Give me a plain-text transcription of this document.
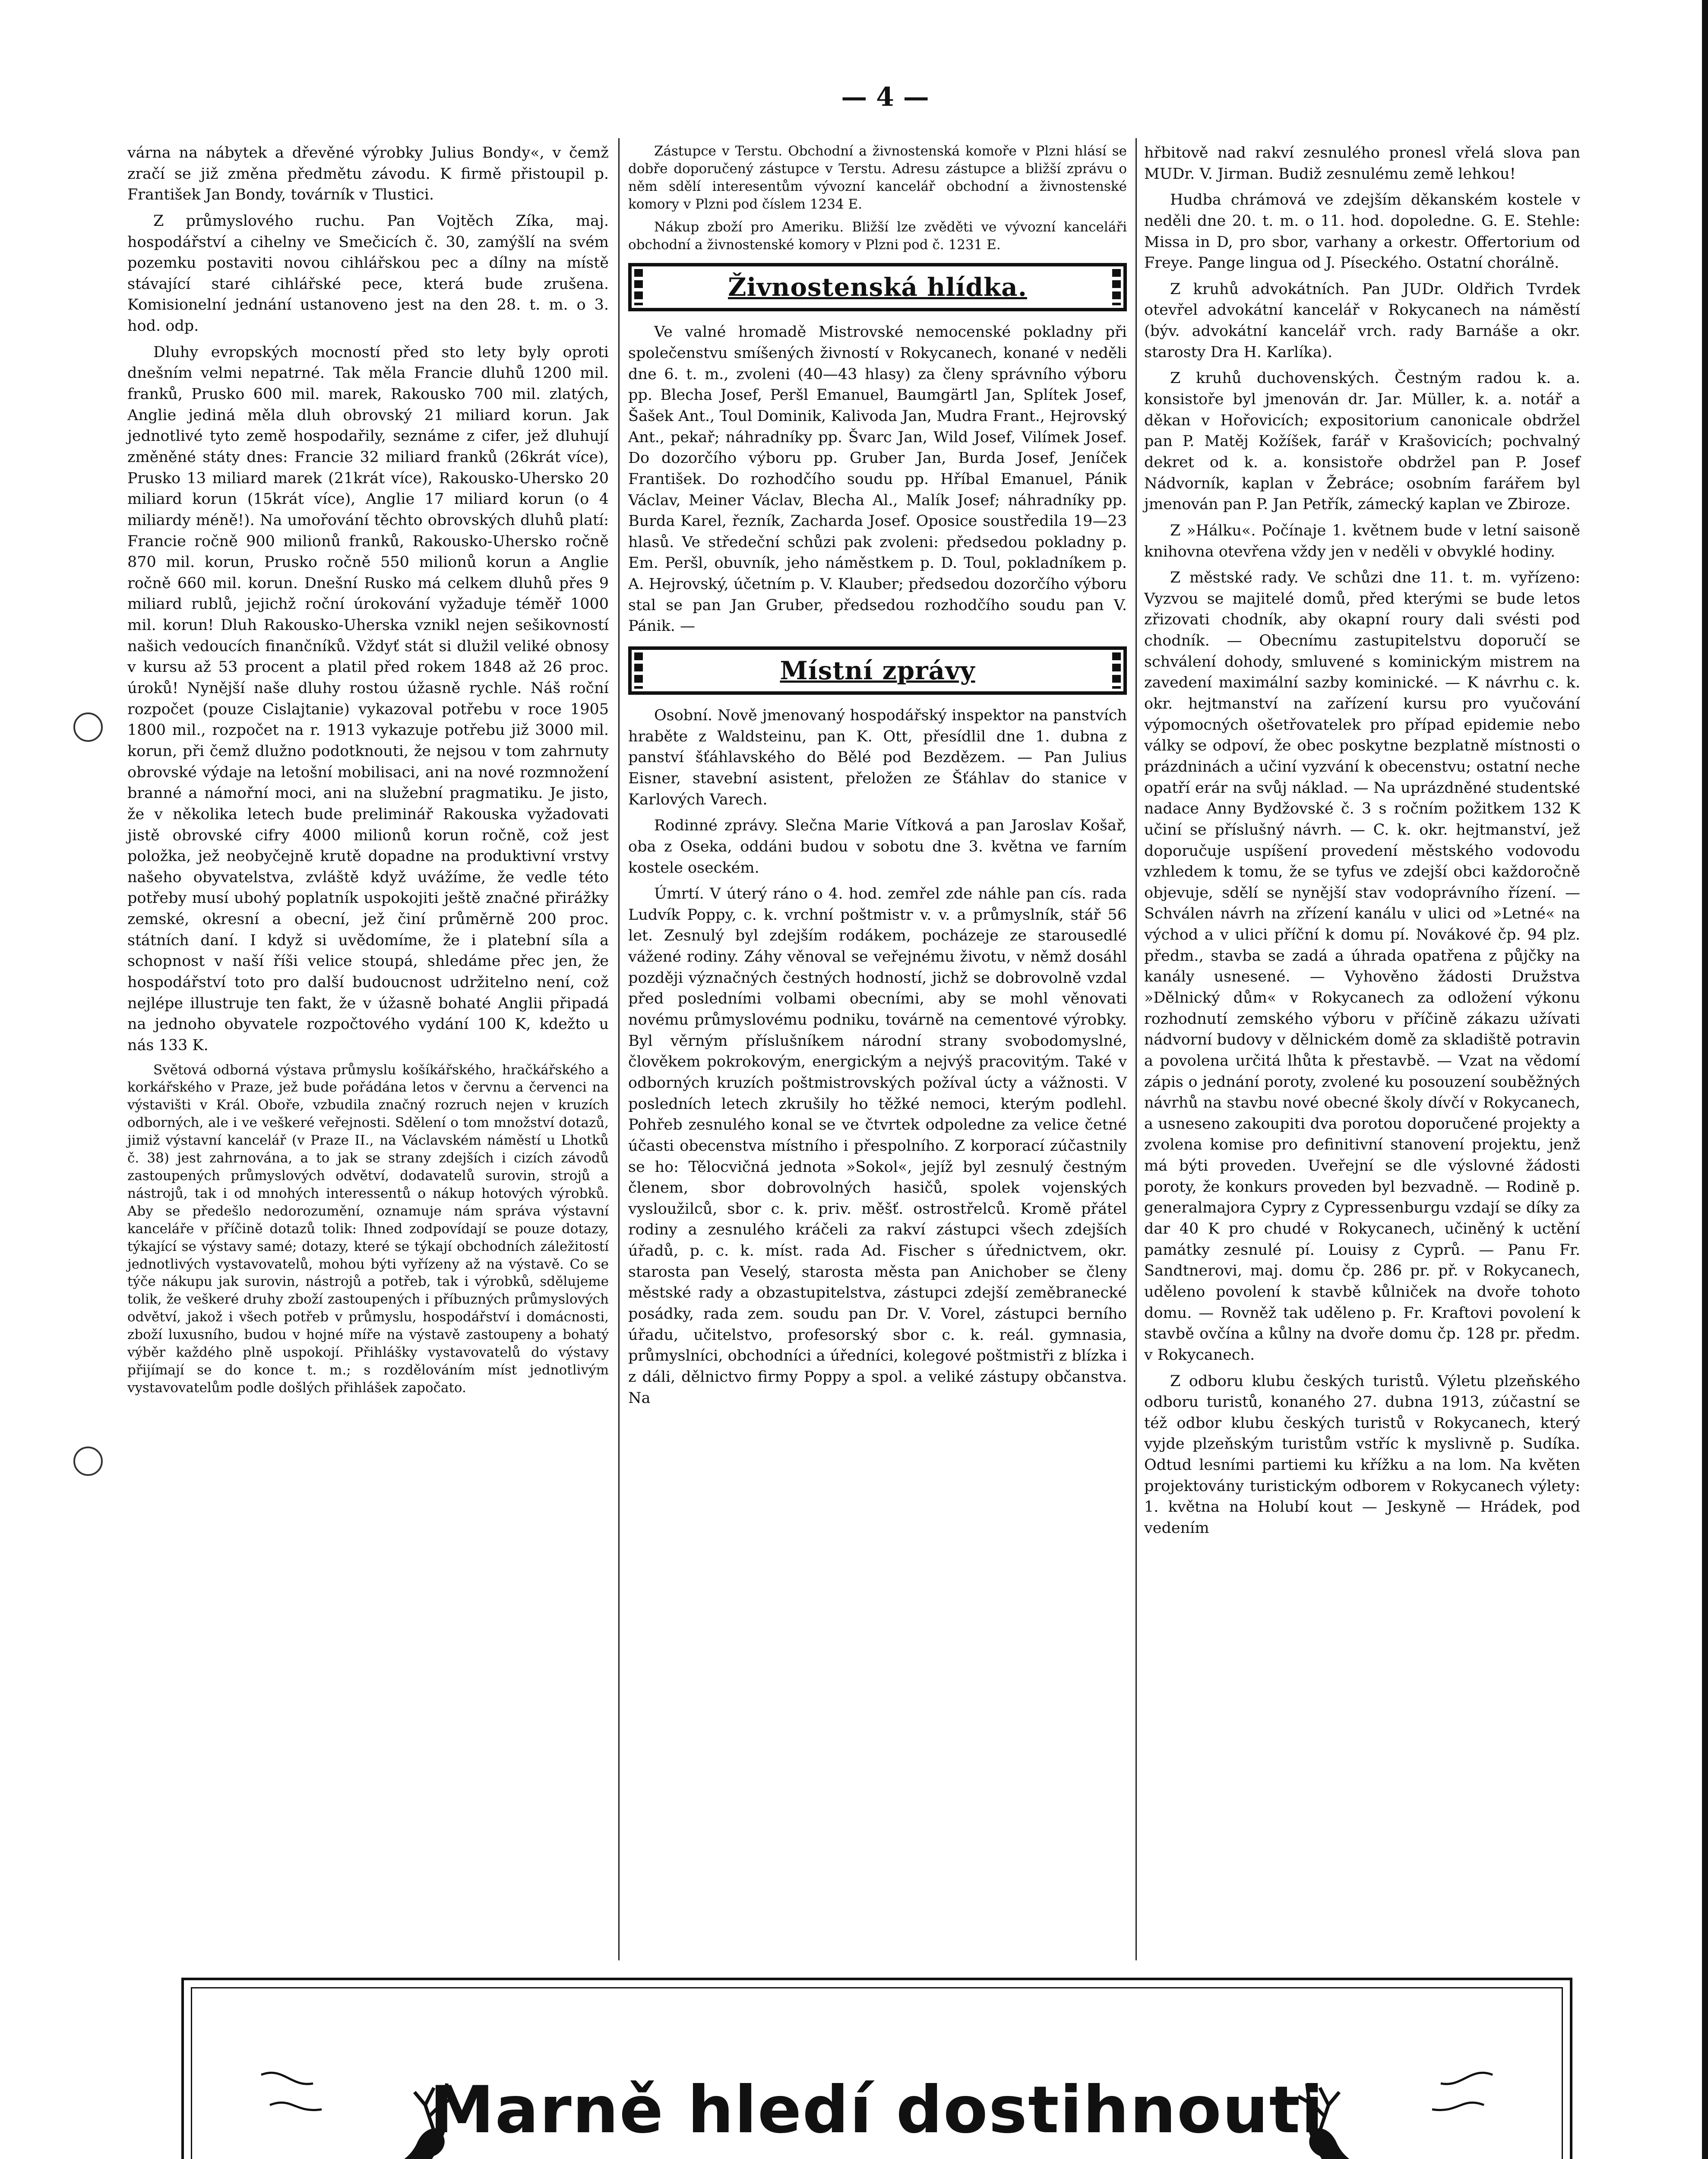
— 4 —

várna na nábytek a dřevěné výrobky Julius Bondy«, v čemž zračí se již změna předmětu závodu. K firmě přistoupil p. František Jan Bondy, továrník v Tlustici.

Z průmyslového ruchu. Pan Vojtěch Zíka, maj. hospodářství a cihelny ve Smečicích č. 30, zamýšlí na svém pozemku postaviti novou cihlářskou pec a dílny na místě stávající staré cihlářské pece, která bude zrušena. Komisionelní jednání ustanoveno jest na den 28. t. m. o 3. hod. odp.

Dluhy evropských mocností před sto lety byly oproti dnešním velmi nepatrné. Tak měla Francie dluhů 1200 mil. franků, Prusko 600 mil. marek, Rakousko 700 mil. zlatých, Anglie jediná měla dluh obrovský 21 miliard korun. Jak jednotlivé tyto země hospodařily, seznáme z cifer, jež dluhují změněné státy dnes: Francie 32 miliard franků (26krát více), Prusko 13 miliard marek (21krát více), Rakousko-Uhersko 20 miliard korun (15krát více), Anglie 17 miliard korun (o 4 miliardy méně!). Na umořování těchto obrovských dluhů platí: Francie ročně 900 milionů franků, Rakousko-Uhersko ročně 870 mil. korun, Prusko ročně 550 milionů korun a Anglie ročně 660 mil. korun. Dnešní Rusko má celkem dluhů přes 9 miliard rublů, jejichž roční úrokování vyžaduje téměř 1000 mil. korun! Dluh Rakousko-Uherska vznikl nejen sešikovností našich vedoucích finančníků. Vždyť stát si dlužil veliké obnosy v kursu až 53 procent a platil před rokem 1848 až 26 proc. úroků! Nynější naše dluhy rostou úžasně rychle. Náš roční rozpočet (pouze Cislajtanie) vykazoval potřebu v roce 1905 1800 mil., rozpočet na r. 1913 vykazuje potřebu již 3000 mil. korun, při čemž dlužno podotknouti, že nejsou v tom zahrnuty obrovské výdaje na letošní mobilisaci, ani na nové rozmnožení branné a námořní moci, ani na služební pragmatiku. Je jisto, že v několika letech bude preliminář Rakouska vyžadovati jistě obrovské cifry 4000 milionů korun ročně, což jest položka, jež neobyčejně krutě dopadne na produktivní vrstvy našeho obyvatelstva, zvláště když uvážíme, že vedle této potřeby musí ubohý poplatník uspokojiti ještě značné přirážky zemské, okresní a obecní, jež činí průměrně 200 proc. státních daní. I když si uvědomíme, že i platební síla a schopnost v naší říši velice stoupá, shledáme přec jen, že hospodářství toto pro další budoucnost udržitelno není, což nejlépe illustruje ten fakt, že v úžasně bohaté Anglii připadá na jednoho obyvatele rozpočtového vydání 100 K, kdežto u nás 133 K.

Světová odborná výstava průmyslu košíkářského, hračkářského a korkářského v Praze, jež bude pořádána letos v červnu a červenci na výstavišti v Král. Oboře, vzbudila značný rozruch nejen v kruzích odborných, ale i ve veškeré veřejnosti. Sdělení o tom množství dotazů, jimiž výstavní kancelář (v Praze II., na Václavském náměstí u Lhotků č. 38) jest zahrnována, a to jak se strany zdejších i cizích závodů zastoupených průmyslových odvětví, dodavatelů surovin, strojů a nástrojů, tak i od mnohých interessentů o nákup hotových výrobků. Aby se předešlo nedorozumění, oznamuje nám správa výstavní kanceláře v příčině dotazů tolik: Ihned zodpovídají se pouze dotazy, týkající se výstavy samé; dotazy, které se týkají obchodních záležitostí jednotlivých vystavovatelů, mohou býti vyřízeny až na výstavě. Co se týče nákupu jak surovin, nástrojů a potřeb, tak i výrobků, sdělujeme tolik, že veškeré druhy zboží zastoupených i příbuzných průmyslových odvětví, jakož i všech potřeb v průmyslu, hospodářství i domácnosti, zboží luxusního, budou v hojné míře na výstavě zastoupeny a bohatý výběr každého plně uspokojí. Přihlášky vystavovatelů do výstavy přijímají se do konce t. m.; s rozdělováním míst jednotlivým vystavovatelům podle došlých přihlášek započato.

Zástupce v Terstu. Obchodní a živnostenská komoře v Plzni hlásí se dobře doporučený zástupce v Terstu. Adresu zástupce a bližší zprávu o něm sdělí interesentům vývozní kancelář obchodní a živnostenské komory v Plzni pod číslem 1234 E.

Nákup zboží pro Ameriku. Bližší lze zvěděti ve vývozní kanceláři obchodní a živnostenské komory v Plzni pod č. 1231 E.

Živnostenská hlídka.

Ve valné hromadě Mistrovské nemocenské pokladny při společenstvu smíšených živností v Rokycanech, konané v neděli dne 6. t. m., zvoleni (40—43 hlasy) za členy správního výboru pp. Blecha Josef, Peršl Emanuel, Baumgärtl Jan, Splítek Josef, Šašek Ant., Toul Dominik, Kalivoda Jan, Mudra Frant., Hejrovský Ant., pekař; náhradníky pp. Švarc Jan, Wild Josef, Vilímek Josef. Do dozorčího výboru pp. Gruber Jan, Burda Josef, Jeníček František. Do rozhodčího soudu pp. Hříbal Emanuel, Pánik Václav, Meiner Václav, Blecha Al., Malík Josef; náhradníky pp. Burda Karel, řezník, Zacharda Josef. Oposice soustředila 19—23 hlasů. Ve středeční schůzi pak zvoleni: předsedou pokladny p. Em. Peršl, obuvník, jeho náměstkem p. D. Toul, pokladníkem p. A. Hejrovský, účetním p. V. Klauber; předsedou dozorčího výboru stal se pan Jan Gruber, předsedou rozhodčího soudu pan V. Pánik. —

Místní zprávy

Osobní. Nově jmenovaný hospodářský inspektor na panstvích hraběte z Waldsteinu, pan K. Ott, přesídlil dne 1. dubna z panství šťáhlavského do Bělé pod Bezdězem. — Pan Julius Eisner, stavební asistent, přeložen ze Šťáhlav do stanice v Karlových Varech.

Rodinné zprávy. Slečna Marie Vítková a pan Jaroslav Košař, oba z Oseka, oddáni budou v sobotu dne 3. května ve farním kostele oseckém.

Úmrtí. V úterý ráno o 4. hod. zemřel zde náhle pan cís. rada Ludvík Poppy, c. k. vrchní poštmistr v. v. a průmyslník, stář 56 let. Zesnulý byl zdejším rodákem, pocházeje ze starousedlé vážené rodiny. Záhy věnoval se veřejnému životu, v němž dosáhl později význačných čestných hodností, jichž se dobrovolně vzdal před posledními volbami obecními, aby se mohl věnovati novému průmyslovému podniku, továrně na cementové výrobky. Byl věrným příslušníkem národní strany svobodomyslné, člověkem pokrokovým, energickým a nejvýš pracovitým. Také v odborných kruzích poštmistrovských požíval úcty a vážnosti. V posledních letech zkrušily ho těžké nemoci, kterým podlehl. Pohřeb zesnulého konal se ve čtvrtek odpoledne za velice četné účasti obecenstva místního i přespolního. Z korporací zúčastnily se ho: Tělocvičná jednota »Sokol«, jejíž byl zesnulý čestným členem, sbor dobrovolných hasičů, spolek vojenských vysloužilců, sbor c. k. priv. měšť. ostrostřelců. Kromě přátel rodiny a zesnulého kráčeli za rakví zástupci všech zdejších úřadů, p. c. k. míst. rada Ad. Fischer s úřednictvem, okr. starosta pan Veselý, starosta města pan Anichober se členy městské rady a obzastupitelstva, zástupci zdejší zeměbranecké posádky, rada zem. soudu pan Dr. V. Vorel, zástupci berního úřadu, učitelstvo, profesorský sbor c. k. reál. gymnasia, průmyslníci, obchodníci a úředníci, kolegové poštmistři z blízka i z dáli, dělnictvo firmy Poppy a spol. a veliké zástupy občanstva. Na

hřbitově nad rakví zesnulého pronesl vřelá slova pan MUDr. V. Jirman. Budiž zesnulému země lehkou!

Hudba chrámová ve zdejším děkanském kostele v neděli dne 20. t. m. o 11. hod. dopoledne. G. E. Stehle: Missa in D, pro sbor, varhany a orkestr. Offertorium od Freye. Pange lingua od J. Píseckého. Ostatní chorálně.

Z kruhů advokátních. Pan JUDr. Oldřich Tvrdek otevřel advokátní kancelář v Rokycanech na náměstí (býv. advokátní kancelář vrch. rady Barnáše a okr. starosty Dra H. Karlíka).

Z kruhů duchovenských. Čestným radou k. a. konsistoře byl jmenován dr. Jar. Müller, k. a. notář a děkan v Hořovicích; expositorium canonicale obdržel pan P. Matěj Kožíšek, farář v Krašovicích; pochvalný dekret od k. a. konsistoře obdržel pan P. Josef Nádvorník, kaplan v Žebráce; osobním farářem byl jmenován pan P. Jan Petřík, zámecký kaplan ve Zbiroze.

Z »Hálku«. Počínaje 1. květnem bude v letní saisoně knihovna otevřena vždy jen v neděli v obvyklé hodiny.

Z městské rady. Ve schůzi dne 11. t. m. vyřízeno: Vyzvou se majitelé domů, před kterými se bude letos zřizovati chodník, aby okapní roury dali svésti pod chodník. — Obecnímu zastupitelstvu doporučí se schválení dohody, smluvené s kominickým mistrem na zavedení maximální sazby kominické. — K návrhu c. k. okr. hejtmanství na zařízení kursu pro vyučování výpomocných ošetřovatelek pro případ epidemie nebo války se odpoví, že obec poskytne bezplatně místnosti o prázdninách a učiní vyzvání k obecenstvu; ostatní neche opatří erár na svůj náklad. — Na uprázdněné studentské nadace Anny Bydžovské č. 3 s ročním požitkem 132 K učiní se příslušný návrh. — C. k. okr. hejtmanství, jež doporučuje uspíšení provedení městského vodovodu vzhledem k tomu, že se tyfus ve zdejší obci každoročně objevuje, sdělí se nynější stav vodoprávního řízení. — Schválen návrh na zřízení kanálu v ulici od »Letné« na východ a v ulici příční k domu pí. Novákové čp. 94 plz. předm., stavba se zadá a úhrada opatřena z půjčky na kanály usnesené. — Vyhověno žádosti Družstva »Dělnický dům« v Rokycanech za odložení výkonu rozhodnutí zemského výboru v příčině zákazu užívati nádvorní budovy v dělnickém domě za skladiště potravin a povolena určitá lhůta k přestavbě. — Vzat na vědomí zápis o jednání poroty, zvolené ku posouzení souběžných návrhů na stavbu nové obecné školy dívčí v Rokycanech, a usneseno zakoupiti dva porotou doporučené projekty a zvolena komise pro definitivní stanovení projektu, jenž má býti proveden. Uveřejní se dle výslovné žádosti poroty, že konkurs proveden byl bezvadně. — Rodině p. generalmajora Cypry z Cypressenburgu vzdají se díky za dar 40 K pro chudé v Rokycanech, učiněný k uctění památky zesnulé pí. Louisy z Cyprů. — Panu Fr. Sandtnerovi, maj. domu čp. 286 pr. př. v Rokycanech, uděleno povolení k stavbě kůlniček na dvoře tohoto domu. — Rovněž tak uděleno p. Fr. Kraftovi povolení k stavbě ovčína a kůlny na dvoře domu čp. 128 pr. předm. v Rokycanech.

Z odboru klubu českých turistů. Výletu plzeňského odboru turistů, konaného 27. dubna 1913, zúčastní se též odbor klubu českých turistů v Rokycanech, který vyjde plzeňským turistům vstříc k myslivně p. Sudíka. Odtud lesními partiemi ku křížku a na lom. Na květen projektovány turistickým odborem v Rokycanech výlety: 1. května na Holubí kout — Jeskyně — Hrádek, pod vedením

Marně hledí dostihnouti
